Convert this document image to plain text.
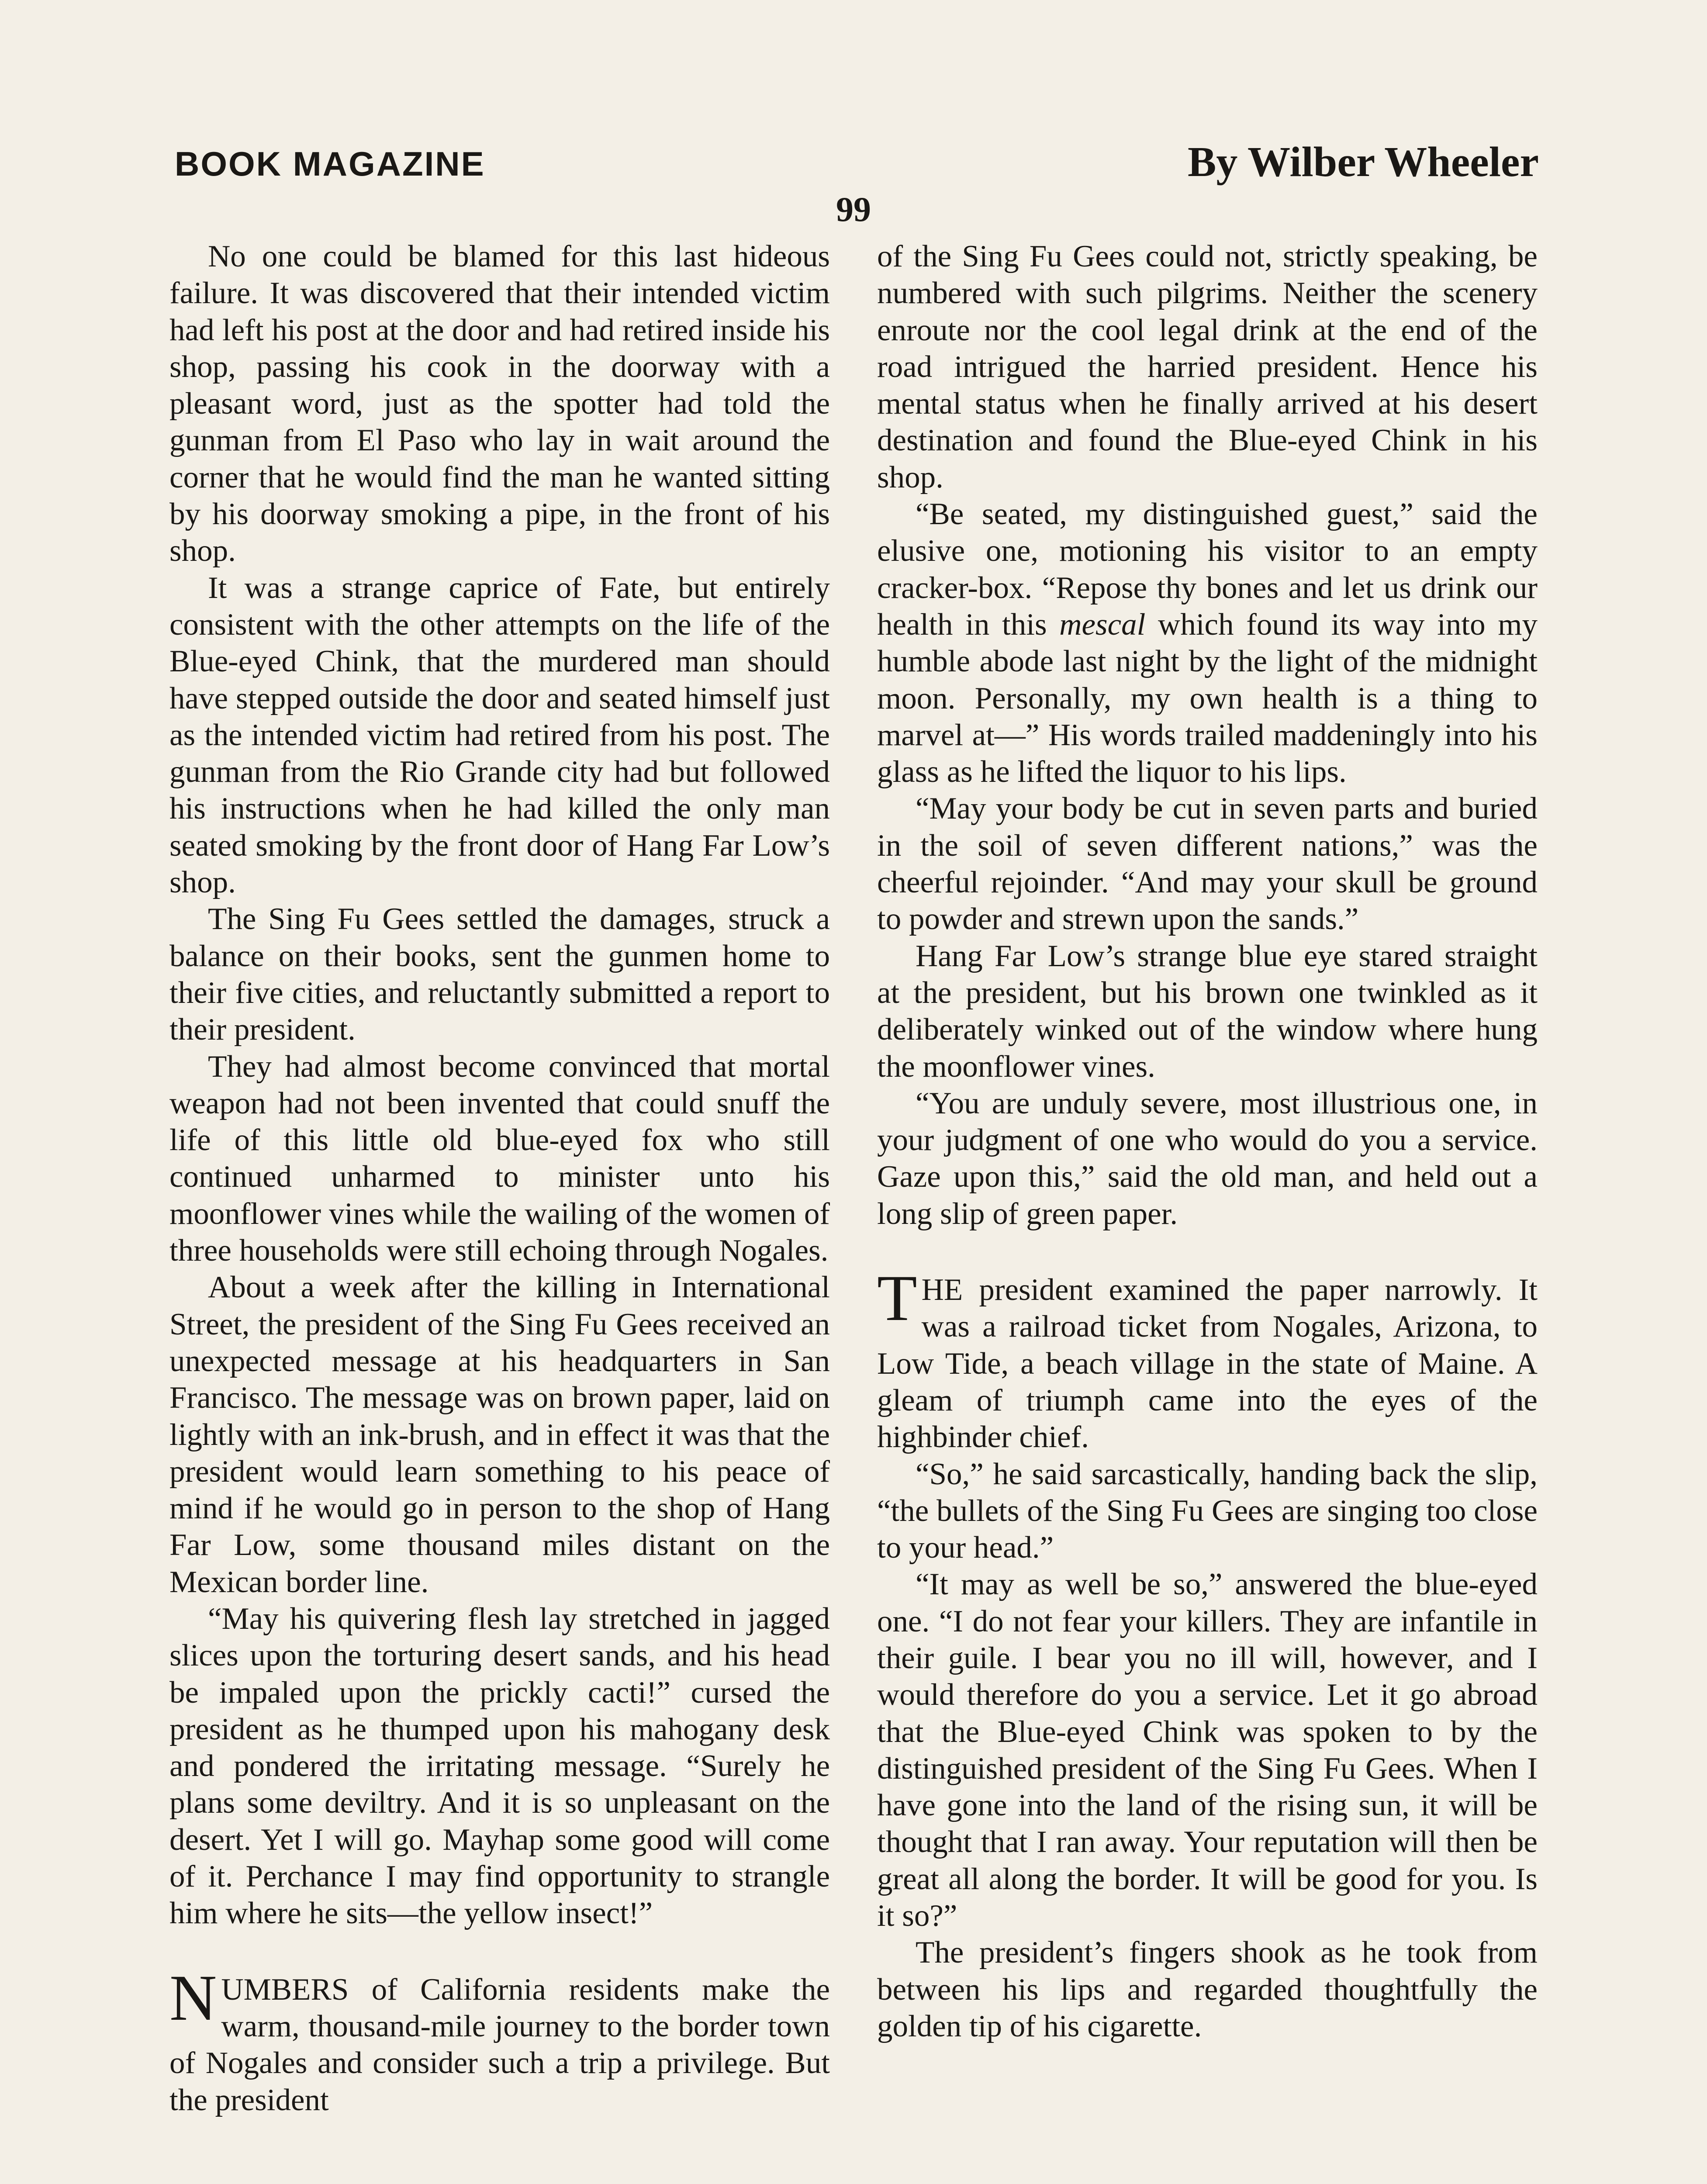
BOOK MAGAZINE
99
By Wilber Wheeler

No one could be blamed for this last hideous failure. It was discovered that their intended victim had left his post at the door and had retired inside his shop, passing his cook in the doorway with a pleasant word, just as the spotter had told the gunman from El Paso who lay in wait around the corner that he would find the man he wanted sitting by his doorway smoking a pipe, in the front of his shop.

It was a strange caprice of Fate, but entirely consistent with the other attempts on the life of the Blue-eyed Chink, that the murdered man should have stepped outside the door and seated himself just as the intended victim had retired from his post. The gunman from the Rio Grande city had but followed his instructions when he had killed the only man seated smoking by the front door of Hang Far Low’s shop.

The Sing Fu Gees settled the damages, struck a balance on their books, sent the gunmen home to their five cities, and reluctantly submitted a report to their president.

They had almost become convinced that mortal weapon had not been invented that could snuff the life of this little old blue-eyed fox who still continued unharmed to minister unto his moonflower vines while the wailing of the women of three households were still echoing through Nogales.

About a week after the killing in International Street, the president of the Sing Fu Gees received an unexpected message at his headquarters in San Francisco. The message was on brown paper, laid on lightly with an ink-brush, and in effect it was that the president would learn something to his peace of mind if he would go in person to the shop of Hang Far Low, some thousand miles distant on the Mexican border line.

“May his quivering flesh lay stretched in jagged slices upon the torturing desert sands, and his head be impaled upon the prickly cacti!” cursed the president as he thumped upon his mahogany desk and pondered the irritating message. “Surely he plans some deviltry. And it is so unpleasant on the desert. Yet I will go. Mayhap some good will come of it. Perchance I may find opportunity to strangle him where he sits—the yellow insect!”

NUMBERS of California residents make the warm, thousand-mile journey to the border town of Nogales and consider such a trip a privilege. But the president

of the Sing Fu Gees could not, strictly speaking, be numbered with such pilgrims. Neither the scenery enroute nor the cool legal drink at the end of the road intrigued the harried president. Hence his mental status when he finally arrived at his desert destination and found the Blue-eyed Chink in his shop.

“Be seated, my distinguished guest,” said the elusive one, motioning his visitor to an empty cracker-box. “Repose thy bones and let us drink our health in this mescal which found its way into my humble abode last night by the light of the midnight moon. Personally, my own health is a thing to marvel at—” His words trailed maddeningly into his glass as he lifted the liquor to his lips.

“May your body be cut in seven parts and buried in the soil of seven different nations,” was the cheerful rejoinder. “And may your skull be ground to powder and strewn upon the sands.”

Hang Far Low’s strange blue eye stared straight at the president, but his brown one twinkled as it deliberately winked out of the window where hung the moonflower vines.

“You are unduly severe, most illustrious one, in your judgment of one who would do you a service. Gaze upon this,” said the old man, and held out a long slip of green paper.

THE president examined the paper narrowly. It was a railroad ticket from Nogales, Arizona, to Low Tide, a beach village in the state of Maine. A gleam of triumph came into the eyes of the highbinder chief.

“So,” he said sarcastically, handing back the slip, “the bullets of the Sing Fu Gees are singing too close to your head.”

“It may as well be so,” answered the blue-eyed one. “I do not fear your killers. They are infantile in their guile. I bear you no ill will, however, and I would therefore do you a service. Let it go abroad that the Blue-eyed Chink was spoken to by the distinguished president of the Sing Fu Gees. When I have gone into the land of the rising sun, it will be thought that I ran away. Your reputation will then be great all along the border. It will be good for you. Is it so?”

The president’s fingers shook as he took from between his lips and regarded thoughtfully the golden tip of his cigarette.
